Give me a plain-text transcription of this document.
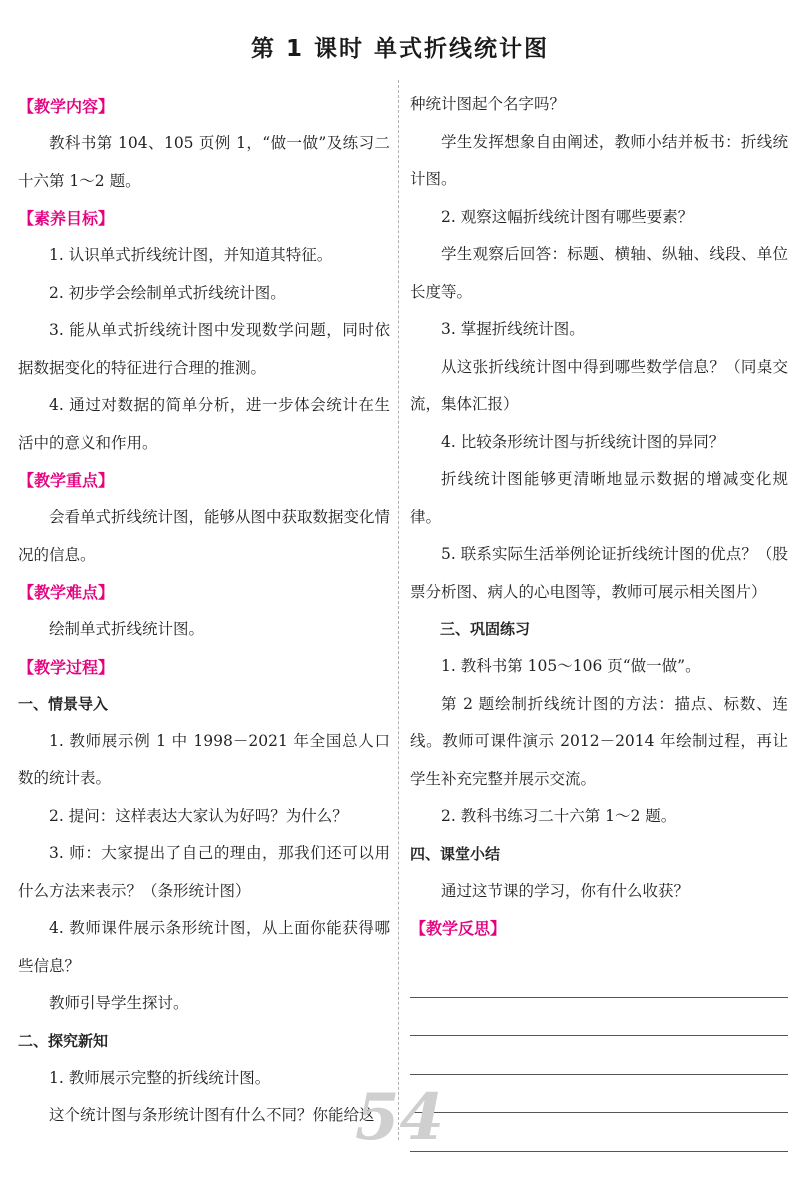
第 1 课时 单式折线统计图
【教学内容】
教科书第 104、105 页例 1，“做一做”及练习二十六第 1～2 题。
【素养目标】
1. 认识单式折线统计图，并知道其特征。
2. 初步学会绘制单式折线统计图。
3. 能从单式折线统计图中发现数学问题，同时依据数据变化的特征进行合理的推测。
4. 通过对数据的简单分析，进一步体会统计在生活中的意义和作用。
【教学重点】
会看单式折线统计图，能够从图中获取数据变化情况的信息。
【教学难点】
绘制单式折线统计图。
【教学过程】
一、情景导入
1. 教师展示例 1 中 1998－2021 年全国总人口数的统计表。
2. 提问：这样表达大家认为好吗？为什么？
3. 师：大家提出了自己的理由，那我们还可以用什么方法来表示？（条形统计图）
4. 教师课件展示条形统计图，从上面你能获得哪些信息？
教师引导学生探讨。
二、探究新知
1. 教师展示完整的折线统计图。
这个统计图与条形统计图有什么不同？你能给这
种统计图起个名字吗？
学生发挥想象自由阐述，教师小结并板书：折线统计图。
2. 观察这幅折线统计图有哪些要素？
学生观察后回答：标题、横轴、纵轴、线段、单位长度等。
3. 掌握折线统计图。
从这张折线统计图中得到哪些数学信息？（同桌交流，集体汇报）
4. 比较条形统计图与折线统计图的异同？
折线统计图能够更清晰地显示数据的增减变化规律。
5. 联系实际生活举例论证折线统计图的优点？（股票分析图、病人的心电图等，教师可展示相关图片）
三、巩固练习
1. 教科书第 105～106 页“做一做”。
第 2 题绘制折线统计图的方法：描点、标数、连线。教师可课件演示 2012－2014 年绘制过程，再让学生补充完整并展示交流。
2. 教科书练习二十六第 1～2 题。
四、课堂小结
通过这节课的学习，你有什么收获？
【教学反思】
54
